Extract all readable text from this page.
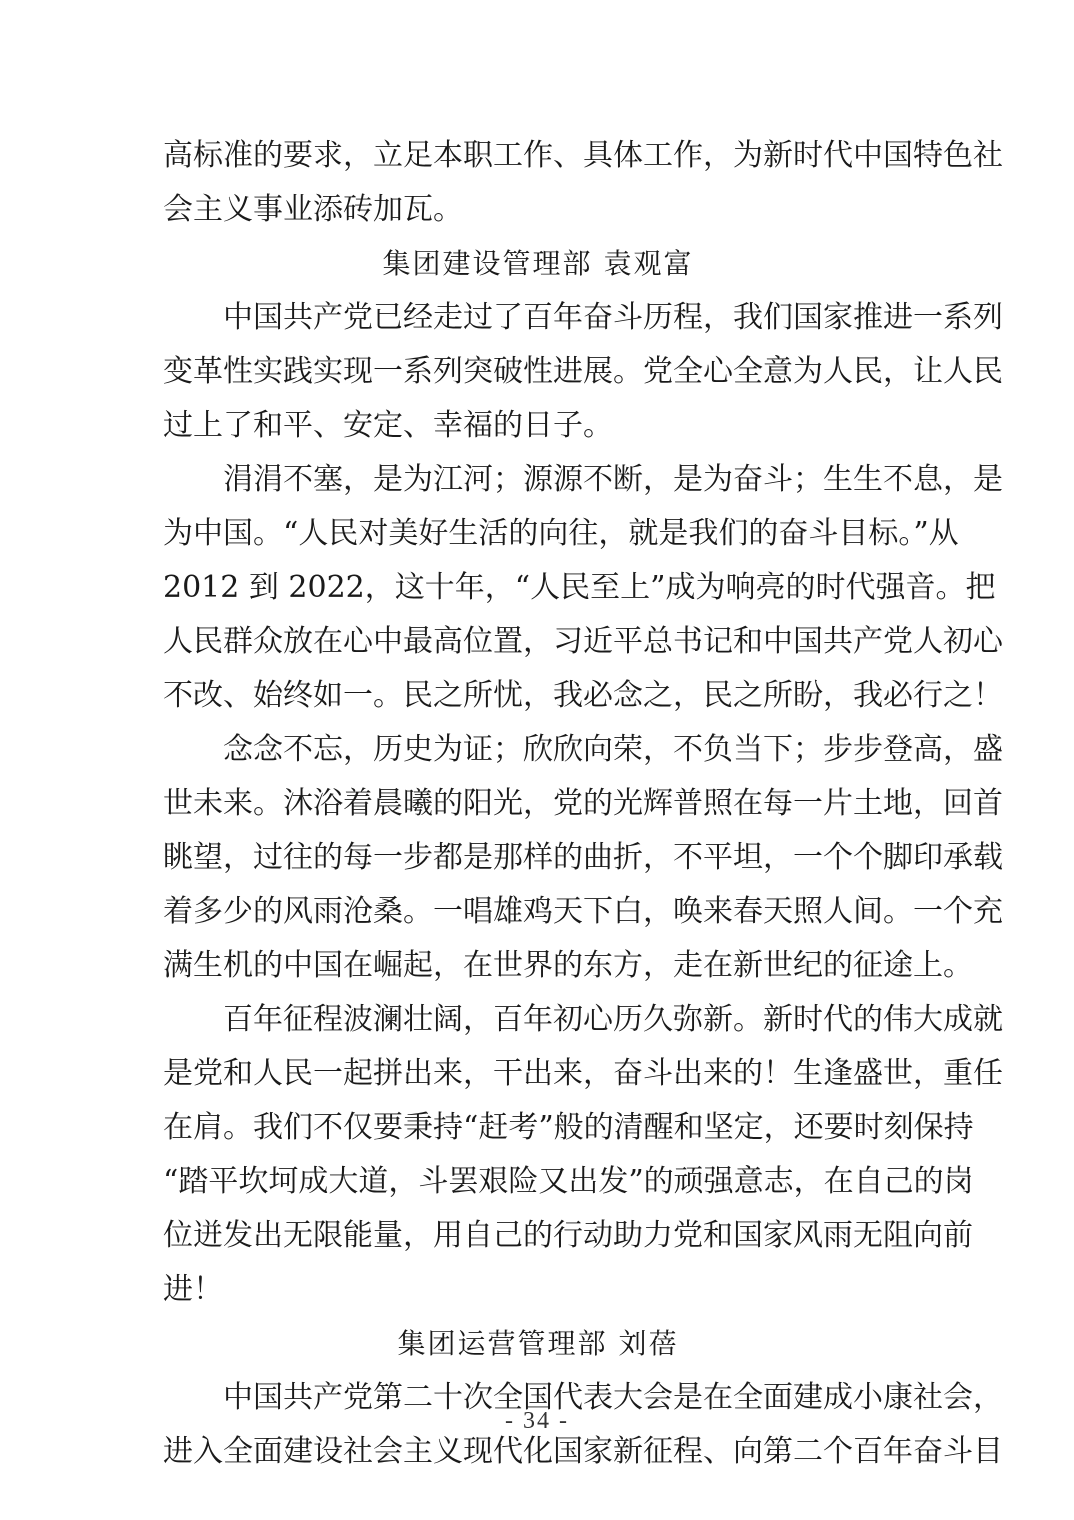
高标准的要求，立足本职工作、具体工作，为新时代中国特色社
会主义事业添砖加瓦。
集团建设管理部 袁观富
中国共产党已经走过了百年奋斗历程，我们国家推进一系列
变革性实践实现一系列突破性进展。党全心全意为人民，让人民
过上了和平、安定、幸福的日子。
涓涓不塞，是为江河；源源不断，是为奋斗；生生不息，是
为中国。“人民对美好生活的向往，就是我们的奋斗目标。”从
2012 到 2022，这十年，“人民至上”成为响亮的时代强音。把
人民群众放在心中最高位置，习近平总书记和中国共产党人初心
不改、始终如一。民之所忧，我必念之，民之所盼，我必行之！
念念不忘，历史为证；欣欣向荣，不负当下；步步登高，盛
世未来。沐浴着晨曦的阳光，党的光辉普照在每一片土地，回首
眺望，过往的每一步都是那样的曲折，不平坦，一个个脚印承载
着多少的风雨沧桑。一唱雄鸡天下白，唤来春天照人间。一个充
满生机的中国在崛起，在世界的东方，走在新世纪的征途上。
百年征程波澜壮阔，百年初心历久弥新。新时代的伟大成就
是党和人民一起拼出来，干出来，奋斗出来的！生逢盛世，重任
在肩。我们不仅要秉持“赶考”般的清醒和坚定，还要时刻保持
“踏平坎坷成大道，斗罢艰险又出发”的顽强意志，在自己的岗
位迸发出无限能量，用自己的行动助力党和国家风雨无阻向前
进！
集团运营管理部 刘蓓
中国共产党第二十次全国代表大会是在全面建成小康社会，
进入全面建设社会主义现代化国家新征程、向第二个百年奋斗目
- 34 -
